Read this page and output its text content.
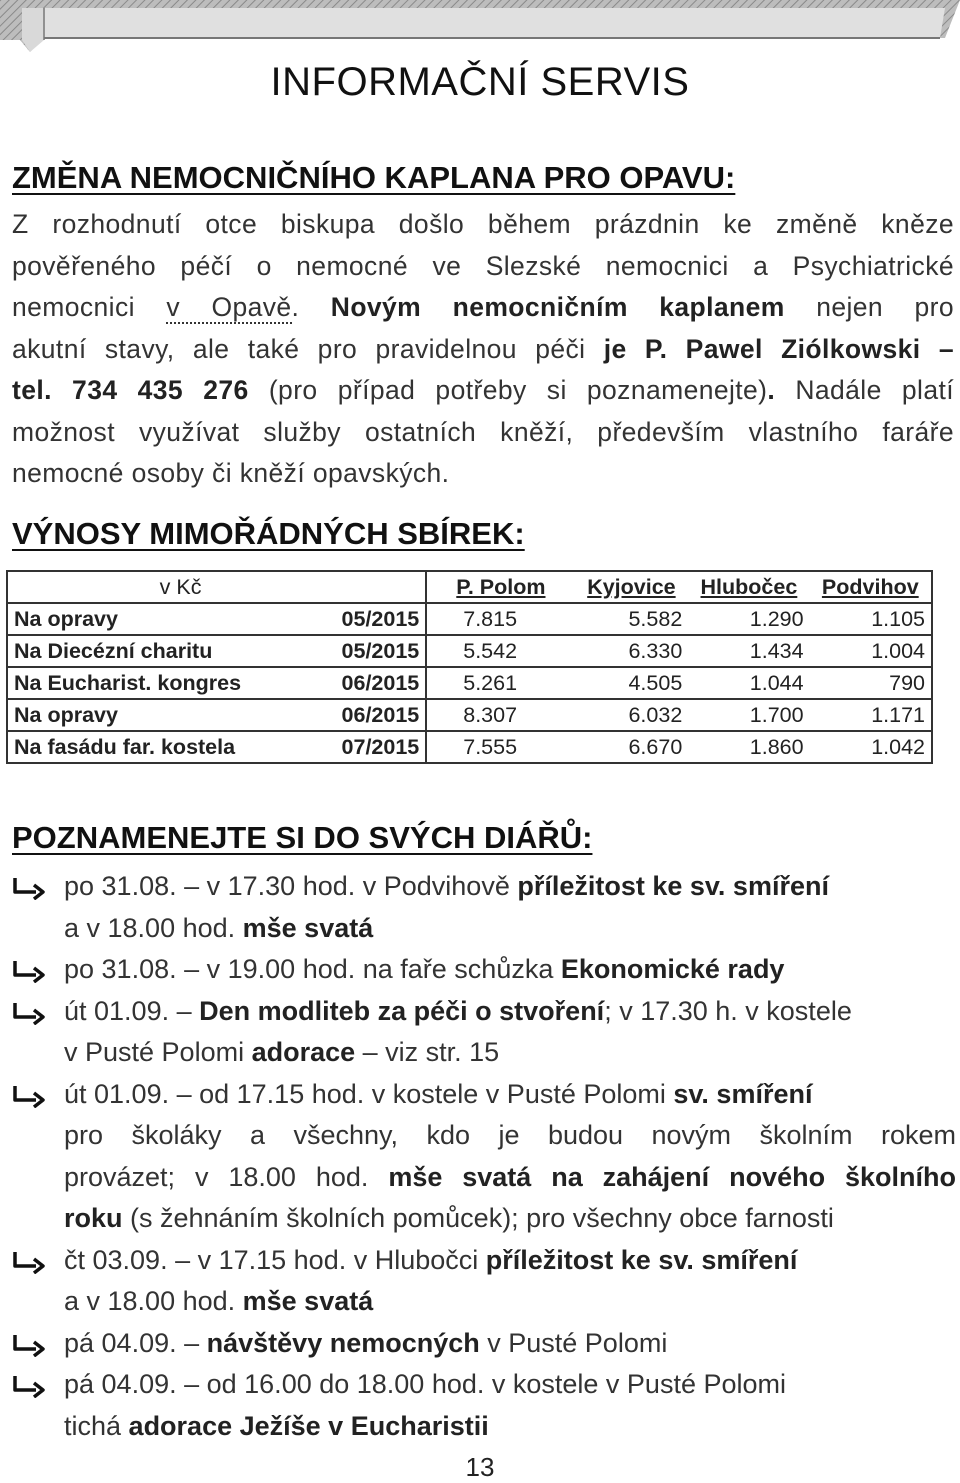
INFORMAČNÍ SERVIS
ZMĚNA NEMOCNIČNÍHO KAPLANA PRO OPAVU:
Z rozhodnutí otce biskupa došlo během prázdnin ke změně kněze
pověřeného péčí o nemocné ve Slezské nemocnici a Psychiatrické
nemocnici v Opavě. Novým nemocničním kaplanem nejen pro
akutní stavy, ale také pro pravidelnou péči je P. Pawel Ziólkowski –
tel. 734 435 276 (pro případ potřeby si poznamenejte). Nadále platí
možnost využívat služby ostatních kněží, především vlastního faráře
nemocné osoby či kněží opavských.
VÝNOSY MIMOŘÁDNÝCH SBÍREK:
v Kč		P. Polom	Kyjovice	Hlubočec	Podvihov
Na opravy	05/2015	7.815	5.582	1.290	1.105
Na Diecézní charitu	05/2015	5.542	6.330	1.434	1.004
Na Eucharist. kongres	06/2015	5.261	4.505	1.044	790
Na opravy	06/2015	8.307	6.032	1.700	1.171
Na fasádu far. kostela	07/2015	7.555	6.670	1.860	1.042
POZNAMENEJTE SI DO SVÝCH DIÁŘŮ:
po 31.08. – v 17.30 hod. v Podvihově příležitost ke sv. smíření
a v 18.00 hod. mše svatá
po 31.08. – v 19.00 hod. na faře schůzka Ekonomické rady
út 01.09. – Den modliteb za péči o stvoření; v 17.30 h. v kostele
v Pusté Polomi adorace – viz str. 15
út 01.09. – od 17.15 hod. v kostele v Pusté Polomi sv. smíření
pro školáky a všechny, kdo je budou novým školním rokem
provázet; v 18.00 hod. mše svatá na zahájení nového školního
roku (s žehnáním školních pomůcek); pro všechny obce farnosti
čt 03.09. – v 17.15 hod. v Hlubočci příležitost ke sv. smíření
a v 18.00 hod. mše svatá
pá 04.09. – návštěvy nemocných v Pusté Polomi
pá 04.09. – od 16.00 do 18.00 hod. v kostele v Pusté Polomi
tichá adorace Ježíše v Eucharistii
13
